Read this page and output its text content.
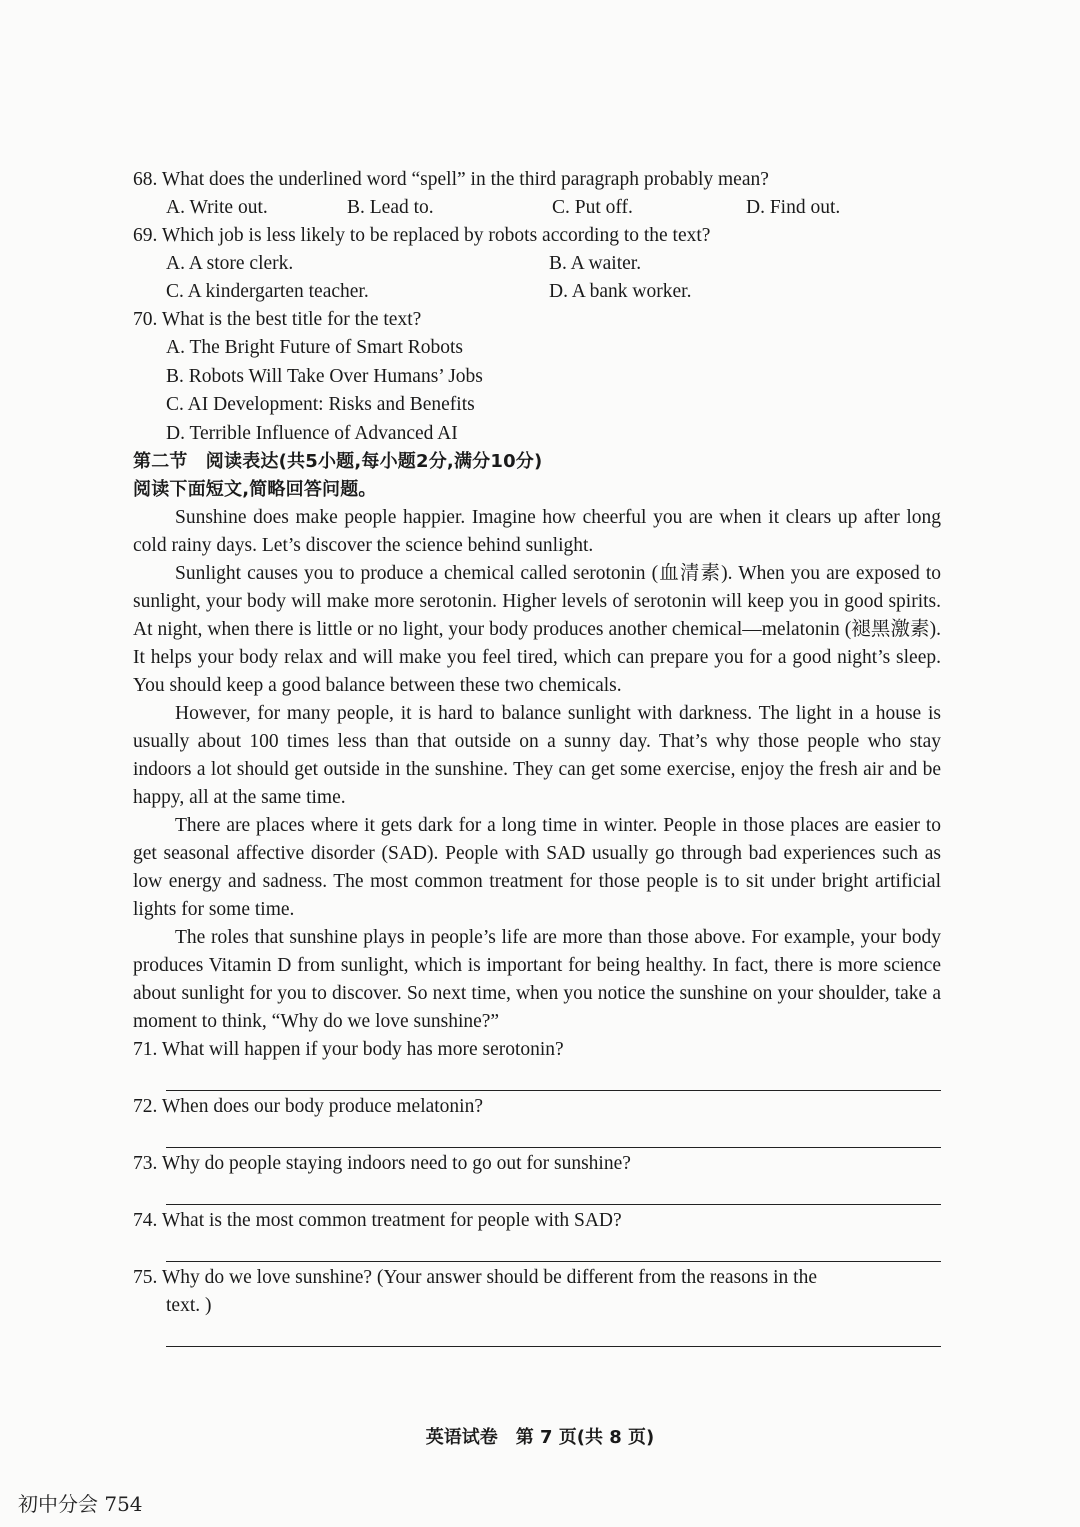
68. What does the underlined word “spell” in the third paragraph probably mean?
A. Write out.	B. Lead to.	C. Put off.	D. Find out.
69. Which job is less likely to be replaced by robots according to the text?
A. A store clerk.	B. A waiter.
C. A kindergarten teacher.	D. A bank worker.
70. What is the best title for the text?
A. The Bright Future of Smart Robots
B. Robots Will Take Over Humans’ Jobs
C. AI Development: Risks and Benefits
D. Terrible Influence of Advanced AI
第二节　阅读表达(共5小题,每小题2分,满分10分)
阅读下面短文,简略回答问题。

Sunshine does make people happier. Imagine how cheerful you are when it clears up after long cold rainy days. Let’s discover the science behind sunlight.

Sunlight causes you to produce a chemical called serotonin (血清素). When you are exposed to sunlight, your body will make more serotonin. Higher levels of serotonin will keep you in good spirits. At night, when there is little or no light, your body produces another chemical—melatonin (褪黑激素). It helps your body relax and will make you feel tired, which can prepare you for a good night’s sleep. You should keep a good balance between these two chemicals.

However, for many people, it is hard to balance sunlight with darkness. The light in a house is usually about 100 times less than that outside on a sunny day. That’s why those people who stay indoors a lot should get outside in the sunshine. They can get some exercise, enjoy the fresh air and be happy, all at the same time.

There are places where it gets dark for a long time in winter. People in those places are easier to get seasonal affective disorder (SAD). People with SAD usually go through bad experiences such as low energy and sadness. The most common treatment for those people is to sit under bright artificial lights for some time.

The roles that sunshine plays in people’s life are more than those above. For example, your body produces Vitamin D from sunlight, which is important for being healthy. In fact, there is more science about sunlight for you to discover. So next time, when you notice the sunshine on your shoulder, take a moment to think, “Why do we love sunshine?”

71. What will happen if your body has more serotonin?
72. When does our body produce melatonin?
73. Why do people staying indoors need to go out for sunshine?
74. What is the most common treatment for people with SAD?
75. Why do we love sunshine? (Your answer should be different from the reasons in the
text. )
英语试卷　第 7 页(共 8 页)
初中分会 754
